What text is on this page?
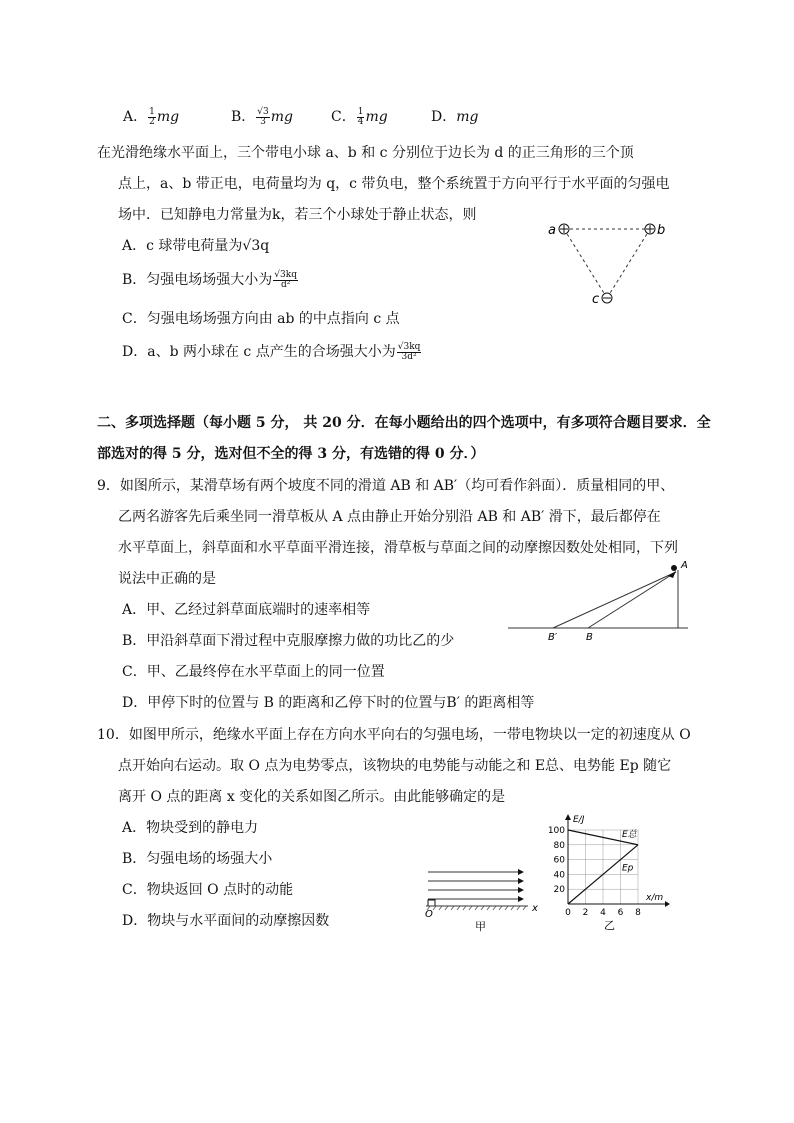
A． $\frac{1}{2}$ mg	B． $\frac{√3}{3}$ mg	C． $\frac{1}{4}$ mg	D．mg
在光滑绝缘水平面上，三个带电小球 a、b 和 c 分别位于边长为 d 的正三角形的三个顶
点上，a、b 带正电，电荷量均为 q，c 带负电，整个系统置于方向平行于水平面的匀强电
场中．已知静电力常量为k，若三个小球处于静止状态，则
A．c 球带电荷量为√3q
B．匀强电场场强大小为 $\frac{√3kq}{\text{d²}}$
C．匀强电场场强方向由 ab 的中点指向 c 点
D．a、b 两小球在 c 点产生的合场强大小为 $\frac{√3kq}{\text{3d²}}$
a	b
c
二、多项选择题（每小题 5 分， 共 20 分．在每小题给出的四个选项中，有多项符合题目要求．全
部选对的得 5 分，选对但不全的得 3 分，有选错的得 0 分．）
9．如图所示，某滑草场有两个坡度不同的滑道 AB 和 AB′（均可看作斜面）．质量相同的甲、
乙两名游客先后乘坐同一滑草板从 A 点由静止开始分别沿 AB 和 AB′ 滑下，最后都停在
水平草面上，斜草面和水平草面平滑连接，滑草板与草面之间的动摩擦因数处处相同，下列
说法中正确的是
A．甲、乙经过斜草面底端时的速率相等
B．甲沿斜草面下滑过程中克服摩擦力做的功比乙的少
C．甲、乙最终停在水平草面上的同一位置
D．甲停下时的位置与 B 的距离和乙停下时的位置与B′ 的距离相等
A
B
B′
10．如图甲所示，绝缘水平面上存在方向水平向右的匀强电场，一带电物块以一定的初速度从 O
点开始向右运动。取 O 点为电势零点，该物块的电势能与动能之和 E总、电势能 Ep 随它
离开 O 点的距离 x 变化的关系如图乙所示。由此能够确定的是
A．物块受到的静电力
B．匀强电场的场强大小
C．物块返回 O 点时的动能
D．物块与水平面间的动摩擦因数	O
x
甲
20
40
60
80
100
0 2 4 6 8
E总
Ep
E/J
x/m
乙
